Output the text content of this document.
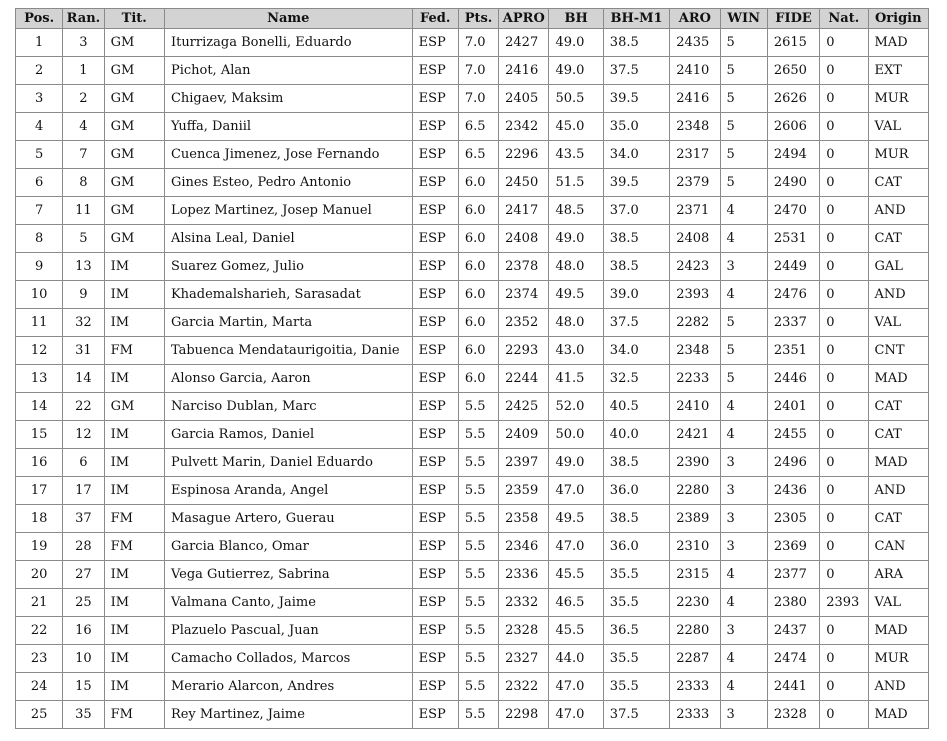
Pos.	Ran.	Tit.	Name	Fed.	Pts.	APRO	BH	BH-M1	ARO	WIN	FIDE	Nat.	Origin
1	3	GM	Iturrizaga Bonelli, Eduardo	ESP	7.0	2427	49.0	38.5	2435	5	2615	0	MAD
2	1	GM	Pichot, Alan	ESP	7.0	2416	49.0	37.5	2410	5	2650	0	EXT
3	2	GM	Chigaev, Maksim	ESP	7.0	2405	50.5	39.5	2416	5	2626	0	MUR
4	4	GM	Yuffa, Daniil	ESP	6.5	2342	45.0	35.0	2348	5	2606	0	VAL
5	7	GM	Cuenca Jimenez, Jose Fernando	ESP	6.5	2296	43.5	34.0	2317	5	2494	0	MUR
6	8	GM	Gines Esteo, Pedro Antonio	ESP	6.0	2450	51.5	39.5	2379	5	2490	0	CAT
7	11	GM	Lopez Martinez, Josep Manuel	ESP	6.0	2417	48.5	37.0	2371	4	2470	0	AND
8	5	GM	Alsina Leal, Daniel	ESP	6.0	2408	49.0	38.5	2408	4	2531	0	CAT
9	13	IM	Suarez Gomez, Julio	ESP	6.0	2378	48.0	38.5	2423	3	2449	0	GAL
10	9	IM	Khademalsharieh, Sarasadat	ESP	6.0	2374	49.5	39.0	2393	4	2476	0	AND
11	32	IM	Garcia Martin, Marta	ESP	6.0	2352	48.0	37.5	2282	5	2337	0	VAL
12	31	FM	Tabuenca Mendataurigoitia, Danie	ESP	6.0	2293	43.0	34.0	2348	5	2351	0	CNT
13	14	IM	Alonso Garcia, Aaron	ESP	6.0	2244	41.5	32.5	2233	5	2446	0	MAD
14	22	GM	Narciso Dublan, Marc	ESP	5.5	2425	52.0	40.5	2410	4	2401	0	CAT
15	12	IM	Garcia Ramos, Daniel	ESP	5.5	2409	50.0	40.0	2421	4	2455	0	CAT
16	6	IM	Pulvett Marin, Daniel Eduardo	ESP	5.5	2397	49.0	38.5	2390	3	2496	0	MAD
17	17	IM	Espinosa Aranda, Angel	ESP	5.5	2359	47.0	36.0	2280	3	2436	0	AND
18	37	FM	Masague Artero, Guerau	ESP	5.5	2358	49.5	38.5	2389	3	2305	0	CAT
19	28	FM	Garcia Blanco, Omar	ESP	5.5	2346	47.0	36.0	2310	3	2369	0	CAN
20	27	IM	Vega Gutierrez, Sabrina	ESP	5.5	2336	45.5	35.5	2315	4	2377	0	ARA
21	25	IM	Valmana Canto, Jaime	ESP	5.5	2332	46.5	35.5	2230	4	2380	2393	VAL
22	16	IM	Plazuelo Pascual, Juan	ESP	5.5	2328	45.5	36.5	2280	3	2437	0	MAD
23	10	IM	Camacho Collados, Marcos	ESP	5.5	2327	44.0	35.5	2287	4	2474	0	MUR
24	15	IM	Merario Alarcon, Andres	ESP	5.5	2322	47.0	35.5	2333	4	2441	0	AND
25	35	FM	Rey Martinez, Jaime	ESP	5.5	2298	47.0	37.5	2333	3	2328	0	MAD
